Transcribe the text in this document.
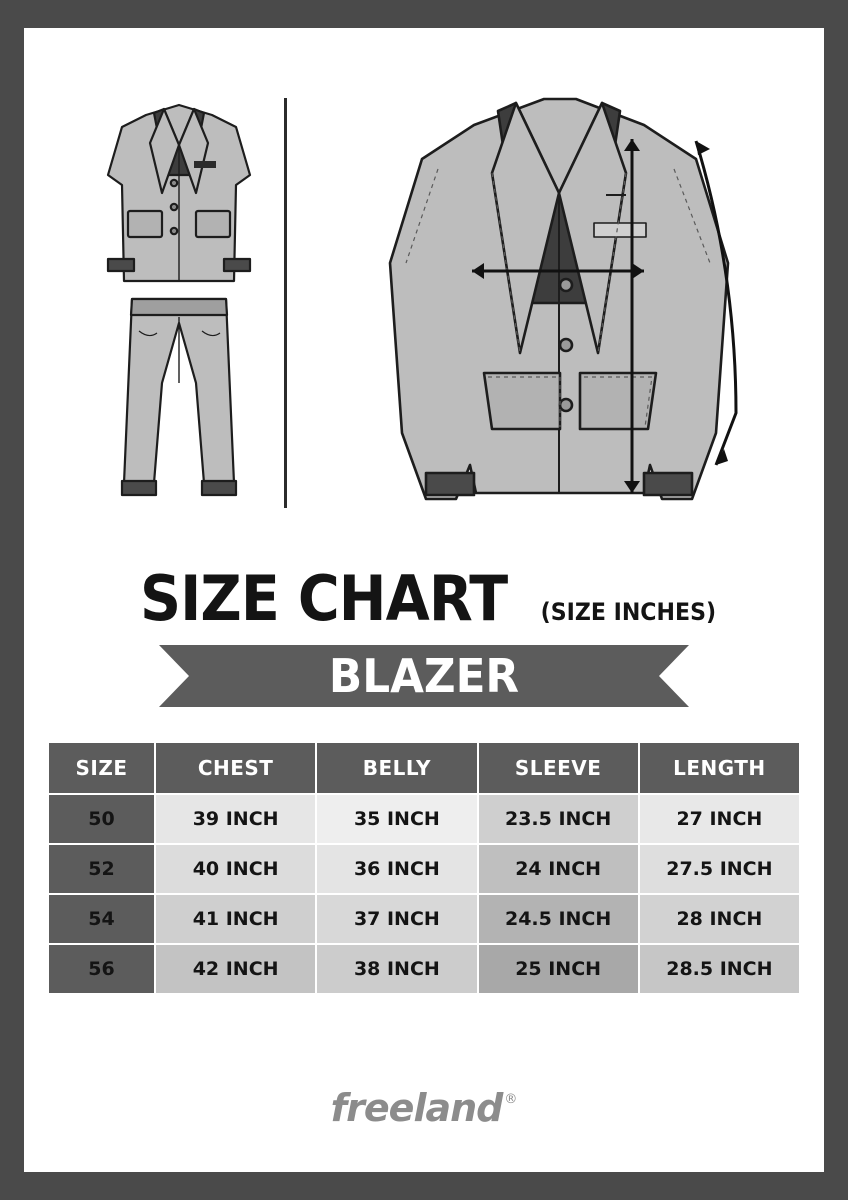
SIZE CHART (SIZE INCHES)
BLAZER
SIZE	CHEST	BELLY	SLEEVE	LENGTH
50	39 INCH	35 INCH	23.5 INCH	27 INCH
52	40 INCH	36 INCH	24 INCH	27.5 INCH
54	41 INCH	37 INCH	24.5 INCH	28 INCH
56	42 INCH	38 INCH	25 INCH	28.5 INCH
freeland ®
